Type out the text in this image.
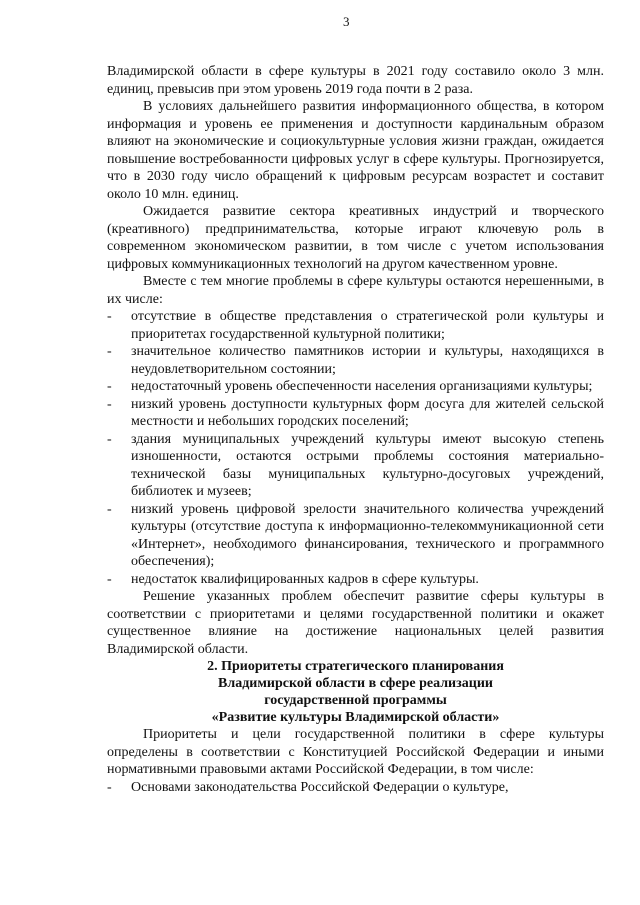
3

Владимирской области в сфере культуры в 2021 году составило около 3 млн. единиц, превысив при этом уровень 2019 года почти в 2 раза.

В условиях дальнейшего развития информационного общества, в котором информация и уровень ее применения и доступности кардинальным образом влияют на экономические и социокультурные условия жизни граждан, ожидается повышение востребованности цифровых услуг в сфере культуры. Прогнозируется, что в 2030 году число обращений к цифровым ресурсам возрастет и составит около 10 млн. единиц.

Ожидается развитие сектора креативных индустрий и творческого (креативного) предпринимательства, которые играют ключевую роль в современном экономическом развитии, в том числе с учетом использования цифровых коммуникационных технологий на другом качественном уровне.

Вместе с тем многие проблемы в сфере культуры остаются нерешенными, в их числе:

-	отсутствие в обществе представления о стратегической роли культуры и приоритетах государственной культурной политики;
-	значительное количество памятников истории и культуры, находящихся в неудовлетворительном состоянии;
-	недостаточный уровень обеспеченности населения организациями культуры;
-	низкий уровень доступности культурных форм досуга для жителей сельской местности и небольших городских поселений;
-	здания муниципальных учреждений культуры имеют высокую степень изношенности, остаются острыми проблемы состояния материально-технической базы муниципальных культурно-досуговых учреждений, библиотек и музеев;
-	низкий уровень цифровой зрелости значительного количества учреждений культуры (отсутствие доступа к информационно-телекоммуникационной сети «Интернет», необходимого финансирования, технического и программного обеспечения);
-	недостаток квалифицированных кадров в сфере культуры.

Решение указанных проблем обеспечит развитие сферы культуры в соответствии с приоритетами и целями государственной политики и окажет существенное влияние на достижение национальных целей развития Владимирской области.

2. Приоритеты стратегического планирования
Владимирской области в сфере реализации
государственной программы
«Развитие культуры Владимирской области»

Приоритеты и цели государственной политики в сфере культуры определены в соответствии с Конституцией Российской Федерации и иными нормативными правовыми актами Российской Федерации, в том числе:

-	Основами законодательства Российской Федерации о культуре,
